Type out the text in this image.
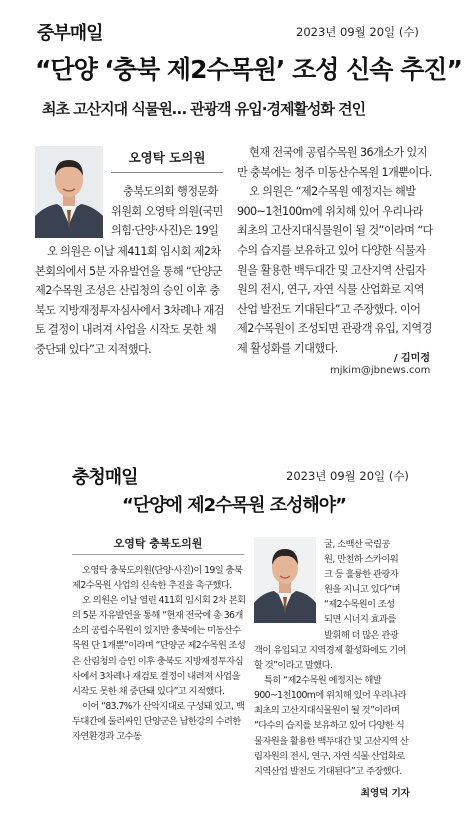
중부매일	2023년 09월 20일 (수)
“단양 ‘충북 제2수목원’ 조성 신속 추진”
최초 고산지대 식물원… 관광객 유입·경제활성화 견인
오영탁 도의원

충북도의회 행정문화위원회 오영탁 의원(국민의힘·단양·사진)은 19일

오 의원은 이날 제411회 임시회 제2차 본회의에서 5분 자유발언을 통해 “단양군 제2수목원 조성은 산림청의 승인 이후 충북도 지방재정투자심사에서 3차례나 재검토 결정이 내려져 사업을 시작도 못한 채 중단돼 있다”고 지적했다.

현재 전국에 공립수목원 36개소가 있지만 충북에는 청주 미동산수목원 1개뿐이다.

오 의원은 “제2수목원 예정지는 해발 900~1천100m에 위치해 있어 우리나라 최초의 고산지대식물원이 될 것”이라며 “다수의 습지를 보유하고 있어 다양한 식물자원을 활용한 백두대간 및 고산지역 산림자원의 전시, 연구, 자연 식물 산업화로 지역산업 발전도 기대된다”고 주장했다. 이어 제2수목원이 조성되면 관광객 유입, 지역경제 활성화를 기대했다.

/ 김미정
mjkim@jbnews.com
충청매일	2023년 09월 20일 (수)
“단양에 제2수목원 조성해야”
오영탁 충북도의원

오영탁 충북도의원(단양·사진)이 19일 충북 제2수목원 사업의 신속한 추진을 촉구했다.

오 의원은 이날 열린 411회 임시회 2차 본회의 5분 자유발언을 통해 “현재 전국에 총 36개소의 공립수목원이 있지만 충북에는 미동산수목원 단 1개뿐”이라며 “단양군 제2수목원 조성은 산림청의 승인 이후 충북도 지방재정투자심사에서 3차례나 재검토 결정이 내려져 사업을 시작도 못한 채 중단돼 있다”고 지적했다.

이어 “83.7%가 산악지대로 구성돼 있고, 백두대간에 둘러싸인 단양군은 남한강의 수려한 자연환경과 고수동

굴, 소백산 국립공
원, 만천하 스카이워
크 등 훌륭한 관광자
원을 지니고 있다”며
“제2수목원이 조성
되면 시너지 효과를
발휘해 더 많은 관광

객이 유입되고 지역경제 활성화에도 기여할 것”이라고 말했다.

특히 “제2수목원 예정지는 해발 900~1천100m에 위치해 있어 우리나라 최초의 고산지대식물원이 될 것”이라며 “다수의 습지를 보유하고 있어 다양한 식물자원을 활용한 백두대간 및 고산지역 산림자원의 전시, 연구, 자연 식물 산업화로 지역산업 발전도 기대된다”고 주장했다.

최영덕 기자
